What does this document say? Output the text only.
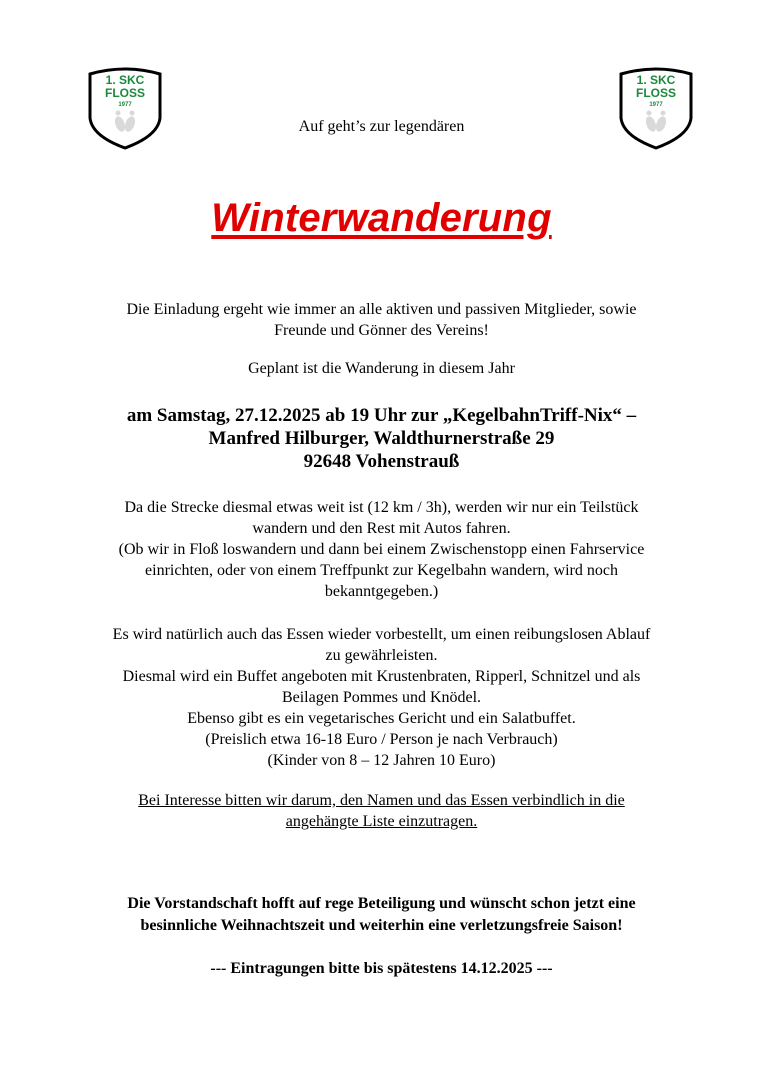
1. SKC
FLOSS
1977
1. SKC
FLOSS
1977
Auf geht’s zur legendären
Winterwanderung

Die Einladung ergeht wie immer an alle aktiven und passiven Mitglieder, sowie

Freunde und Gönner des Vereins!

Geplant ist die Wanderung in diesem Jahr

am Samstag, 27.12.2025 ab 19 Uhr zur „KegelbahnTriff-Nix“ –

Manfred Hilburger, Waldthurnerstraße 29

92648 Vohenstrauß

Da die Strecke diesmal etwas weit ist (12 km / 3h), werden wir nur ein Teilstück

wandern und den Rest mit Autos fahren.

(Ob wir in Floß loswandern und dann bei einem Zwischenstopp einen Fahrservice

einrichten, oder von einem Treffpunkt zur Kegelbahn wandern, wird noch

bekanntgegeben.)

Es wird natürlich auch das Essen wieder vorbestellt, um einen reibungslosen Ablauf

zu gewährleisten.

Diesmal wird ein Buffet angeboten mit Krustenbraten, Ripperl, Schnitzel und als

Beilagen Pommes und Knödel.

Ebenso gibt es ein vegetarisches Gericht und ein Salatbuffet.

(Preislich etwa 16-18 Euro / Person je nach Verbrauch)

(Kinder von 8 – 12 Jahren 10 Euro)

Bei Interesse bitten wir darum, den Namen und das Essen verbindlich in die

angehängte Liste einzutragen.

Die Vorstandschaft hofft auf rege Beteiligung und wünscht schon jetzt eine

besinnliche Weihnachtszeit und weiterhin eine verletzungsfreie Saison!

--- Eintragungen bitte bis spätestens 14.12.2025 ---
